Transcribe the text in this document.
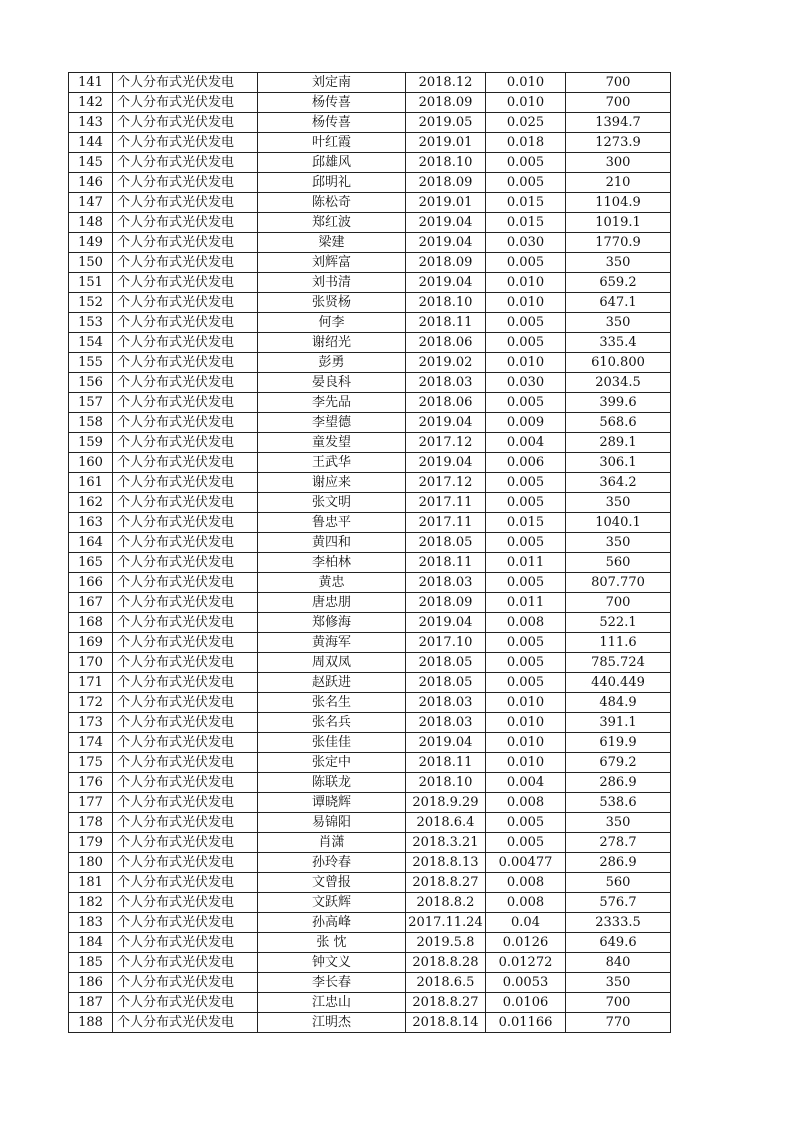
141	个人分布式光伏发电	刘定南	2018.12	0.010	700
142	个人分布式光伏发电	杨传喜	2018.09	0.010	700
143	个人分布式光伏发电	杨传喜	2019.05	0.025	1394.7
144	个人分布式光伏发电	叶红霞	2019.01	0.018	1273.9
145	个人分布式光伏发电	邱雄风	2018.10	0.005	300
146	个人分布式光伏发电	邱明礼	2018.09	0.005	210
147	个人分布式光伏发电	陈松奇	2019.01	0.015	1104.9
148	个人分布式光伏发电	郑红波	2019.04	0.015	1019.1
149	个人分布式光伏发电	梁建	2019.04	0.030	1770.9
150	个人分布式光伏发电	刘辉富	2018.09	0.005	350
151	个人分布式光伏发电	刘书清	2019.04	0.010	659.2
152	个人分布式光伏发电	张贤杨	2018.10	0.010	647.1
153	个人分布式光伏发电	何李	2018.11	0.005	350
154	个人分布式光伏发电	谢绍光	2018.06	0.005	335.4
155	个人分布式光伏发电	彭勇	2019.02	0.010	610.800
156	个人分布式光伏发电	晏良科	2018.03	0.030	2034.5
157	个人分布式光伏发电	李先品	2018.06	0.005	399.6
158	个人分布式光伏发电	李望德	2019.04	0.009	568.6
159	个人分布式光伏发电	童发望	2017.12	0.004	289.1
160	个人分布式光伏发电	王武华	2019.04	0.006	306.1
161	个人分布式光伏发电	谢应来	2017.12	0.005	364.2
162	个人分布式光伏发电	张文明	2017.11	0.005	350
163	个人分布式光伏发电	鲁忠平	2017.11	0.015	1040.1
164	个人分布式光伏发电	黄四和	2018.05	0.005	350
165	个人分布式光伏发电	李柏林	2018.11	0.011	560
166	个人分布式光伏发电	黄忠	2018.03	0.005	807.770
167	个人分布式光伏发电	唐忠朋	2018.09	0.011	700
168	个人分布式光伏发电	郑修海	2019.04	0.008	522.1
169	个人分布式光伏发电	黄海军	2017.10	0.005	111.6
170	个人分布式光伏发电	周双凤	2018.05	0.005	785.724
171	个人分布式光伏发电	赵跃进	2018.05	0.005	440.449
172	个人分布式光伏发电	张名生	2018.03	0.010	484.9
173	个人分布式光伏发电	张名兵	2018.03	0.010	391.1
174	个人分布式光伏发电	张佳佳	2019.04	0.010	619.9
175	个人分布式光伏发电	张定中	2018.11	0.010	679.2
176	个人分布式光伏发电	陈联龙	2018.10	0.004	286.9
177	个人分布式光伏发电	谭晓辉	2018.9.29	0.008	538.6
178	个人分布式光伏发电	易锦阳	2018.6.4	0.005	350
179	个人分布式光伏发电	肖潇	2018.3.21	0.005	278.7
180	个人分布式光伏发电	孙玲春	2018.8.13	0.00477	286.9
181	个人分布式光伏发电	文曾报	2018.8.27	0.008	560
182	个人分布式光伏发电	文跃辉	2018.8.2	0.008	576.7
183	个人分布式光伏发电	孙高峰	2017.11.24	0.04	2333.5
184	个人分布式光伏发电	张 忱	2019.5.8	0.0126	649.6
185	个人分布式光伏发电	钟文义	2018.8.28	0.01272	840
186	个人分布式光伏发电	李长春	2018.6.5	0.0053	350
187	个人分布式光伏发电	江忠山	2018.8.27	0.0106	700
188	个人分布式光伏发电	江明杰	2018.8.14	0.01166	770
